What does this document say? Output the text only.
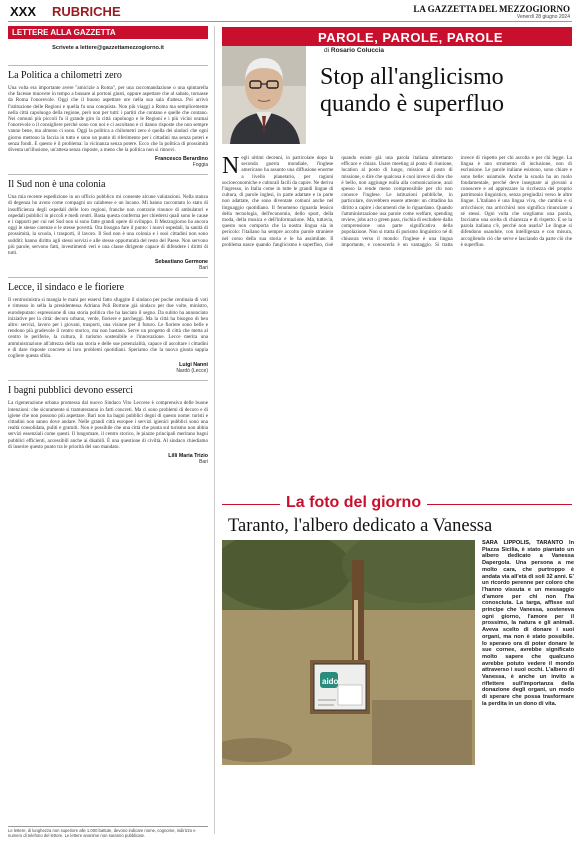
XXX RUBRICHE	LA GAZZETTA DEL MEZZOGIORNO
Venerdì 28 giugno 2024
LETTERE ALLA GAZZETTA
Scrivete a lettere@gazzettamezzogiorno.it
La Politica a chilometri zero
Una volta era importante avere "amicizie a Roma", per una raccomandazione o una spintarella che facesse muovere in tempo a bussare ai portoni giusti, oppure aspettare che al sabato, tornasse da Roma l'onorevole. Oggi che il buono aspettare ore nella sua sala d'attesa. Poi arrivò l'istituzione delle Regioni e quella fu una conquista. Non più viaggi a Roma ma semplicemente nella città capoluogo della regione, però non per tutti: i partiti che contano e quelle che contano. Nei comuni più piccoli fu il grande giro la città capoluogo e le Regioni e i più vicini oramai l'onorevole o il consigliere perché sono con noi e ci ascoltano e ci danno risposte che non sempre vanno bene, ma almeno ci sono. Oggi la politica a chilometri zero è quella dei sindaci che ogni giorno mettono la faccia in tutto e sono un punto di riferimento per i cittadini ma senza poteri e senza fondi. E questo è il problema: la vicinanza senza potere. Ecco che la politica di prossimità diventa un'illusione, un'attesa senza risposte, a meno che la politica non si rinnovi.
Francesco Berardino
Foggia
Il Sud non è una colonia
Una mia recente espedizione in un ufficio pubblico mi consente alcune valutazioni. Nella stanza di degenza ho avuto come compagni un calabrese e un lucano. Mi hanno raccontato lo stato di insufficienza degli ospedali delle loro regioni, franche non contrarie rinunce di ambulatori e ospedali pubblici in piccoli e medi centri. Basta questa conferma per chiedersi quali sono le cause e i rapporti per cui nel Sud non si sono fatte grandi opere di sviluppo. Il Mezzogiorno ha ancora oggi le stesse carenze e le stesse povertà. Ora bisogna fare il punto: i nuovi ospedali, la sanità di prossimità, la scuola, i trasporti, il lavoro. Il Sud non è una colonia e i suoi cittadini non sono sudditi: hanno diritto agli stessi servizi e alle stesse opportunità del resto del Paese. Non servono più parole, servono fatti, investimenti veri e una classe dirigente capace di difendere i diritti di tutti.
Sebastiano Germone
Bari
Lecce, il sindaco e le fioriere
Il centrosinistra si mangia le mani per essersi fatto sfuggire il sindaco per poche centinaia di voti e rimesso in sella la presidentessa Adriana Poli Bortone già sindaco per due volte, ministro, eurodeputato: espressione di una storia politica che ha lasciato il segno. Da subito ha annunciato iniziative per la città: decoro urbano, verde, fioriere e parcheggi. Ma la città ha bisogno di ben altro: servizi, lavoro per i giovani, trasporti, una visione per il futuro. Le fioriere sono belle e rendono più gradevole il centro storico, ma non bastano. Serve un progetto di città che metta al centro le periferie, la cultura, il turismo sostenibile e l'innovazione. Lecce merita una amministrazione all'altezza della sua storia e delle sue potenzialità, capace di ascoltare i cittadini e di dare risposte concrete ai loro problemi quotidiani. Speriamo che la nuova giunta sappia cogliere questa sfida.
Luigi Nanni
Nardò (Lecce)
I bagni pubblici devono esserci
La rigenerazione urbana promessa dal nuovo Sindaco Vito Leccese è comprensiva delle buone intenzioni: che sicuramente si tramuteranno in fatti concreti. Ma ci sono problemi di decoro e di igiene che non possono più aspettare. Bari non ha bagni pubblici degni di questo nome: turisti e cittadini non sanno dove andare. Nelle grandi città europee i servizi igienici pubblici sono una realtà consolidata, puliti e gratuiti. Non è possibile che una città che punta sul turismo non abbia servizi essenziali come questi. Il lungomare, il centro storico, le piazze principali meritano bagni pubblici efficienti, accessibili anche ai disabili. È una questione di civiltà. Al sindaco chiediamo di inserire questo punto tra le priorità del suo mandato.
Lilli Maria Trizio
Bari
Le lettere, di lunghezza non superiore alle 1.000 battute, devono indicare nome, cognome, indirizzo e numero di telefono del lettore. Le lettere anonime non saranno pubblicate.
PAROLE, PAROLE, PAROLE
di Rosario Coluccia
Stop all'anglicismo quando è superfluo
Negli ultimi decenni, in particolare dopo la seconda guerra mondiale, l'inglese americano ha assunto una diffusione enorme a livello planetario, per ragioni socioeconomiche e culturali facili da capire. Ne deriva l'ingresso, in Italia come in tutte le grandi lingue di cultura, di parole inglesi, in parte adattate e in parte non adattate, che sono diventate comuni anche nel linguaggio quotidiano. Il fenomeno riguarda lessico della tecnologia, dell'economia, dello sport, della moda, della musica e dell'informazione. Ma, tuttavia, questo non comporta che la nostra lingua sia in pericolo: l'italiano ha sempre accolto parole straniere nel corso della sua storia e le ha assimilate. Il problema nasce quando l'anglicismo è superfluo, cioè quando esiste già una parola italiana altrettanto efficace e chiara. Usare meeting al posto di riunione, location al posto di luogo, mission al posto di missione, o dire che qualcosa è cool invece di dire che è bello, non aggiunge nulla alla comunicazione, anzi spesso la rende meno comprensibile per chi non conosce l'inglese. Le istituzioni pubbliche, in particolare, dovrebbero essere attente: un cittadino ha diritto a capire i documenti che lo riguardano. Quando l'amministrazione usa parole come welfare, spending review, jobs act o green pass, rischia di escludere dalla comprensione una parte significativa della popolazione. Non si tratta di purismo linguistico né di chiusura verso il mondo: l'inglese è una lingua importante, e conoscerla è un vantaggio. Si tratta invece di rispetto per chi ascolta e per chi legge. La lingua è uno strumento di inclusione, non di esclusione. Le parole italiane esistono, sono chiare e sono belle: usiamole. Anche la scuola ha un ruolo fondamentale, perché deve insegnare ai giovani a conoscere e ad apprezzare la ricchezza del proprio patrimonio linguistico, senza pregiudizi verso le altre lingue. L'italiano è una lingua viva, che cambia e si arricchisce; ma arricchirsi non significa rinunciare a sé stessi. Ogni volta che scegliamo una parola, facciamo una scelta di chiarezza e di rispetto. E se la parola italiana c'è, perché non usarla? Le lingue si difendono usandole, con intelligenza e con misura, accogliendo ciò che serve e lasciando da parte ciò che è superfluo.
La foto del giorno
Taranto, l'albero dedicato a Vanessa
aido
SARA LIPPOLIS, TARANTO In Piazza Sicilia, è stato piantato un albero dedicato a Vanessa Dapergola. Una persona a me molto cara, che purtroppo è andata via all'età di soli 32 anni. E' un ricordo perenne per coloro che l'hanno vissuta e un messaggio d'amore per chi non l'ha conosciuta. La targa, affisse sul principe che Vanessa, sosteneva ogni giorno, l'amore per il prossimo, la natura e gli animali. Aveva scelto di donare i suoi organi, ma non è stato possibile. Io speravo ora di poter donare le sue cornee, avrebbe significato molto sapere che qualcuno avrebbe potuto vedere il mondo attraverso i suoi occhi. L'albero di Vanessa, è anche un invito a riflettere sull'importanza della donazione degli organi, un modo di sperare che possa trasformare la perdita in un dono di vita.
